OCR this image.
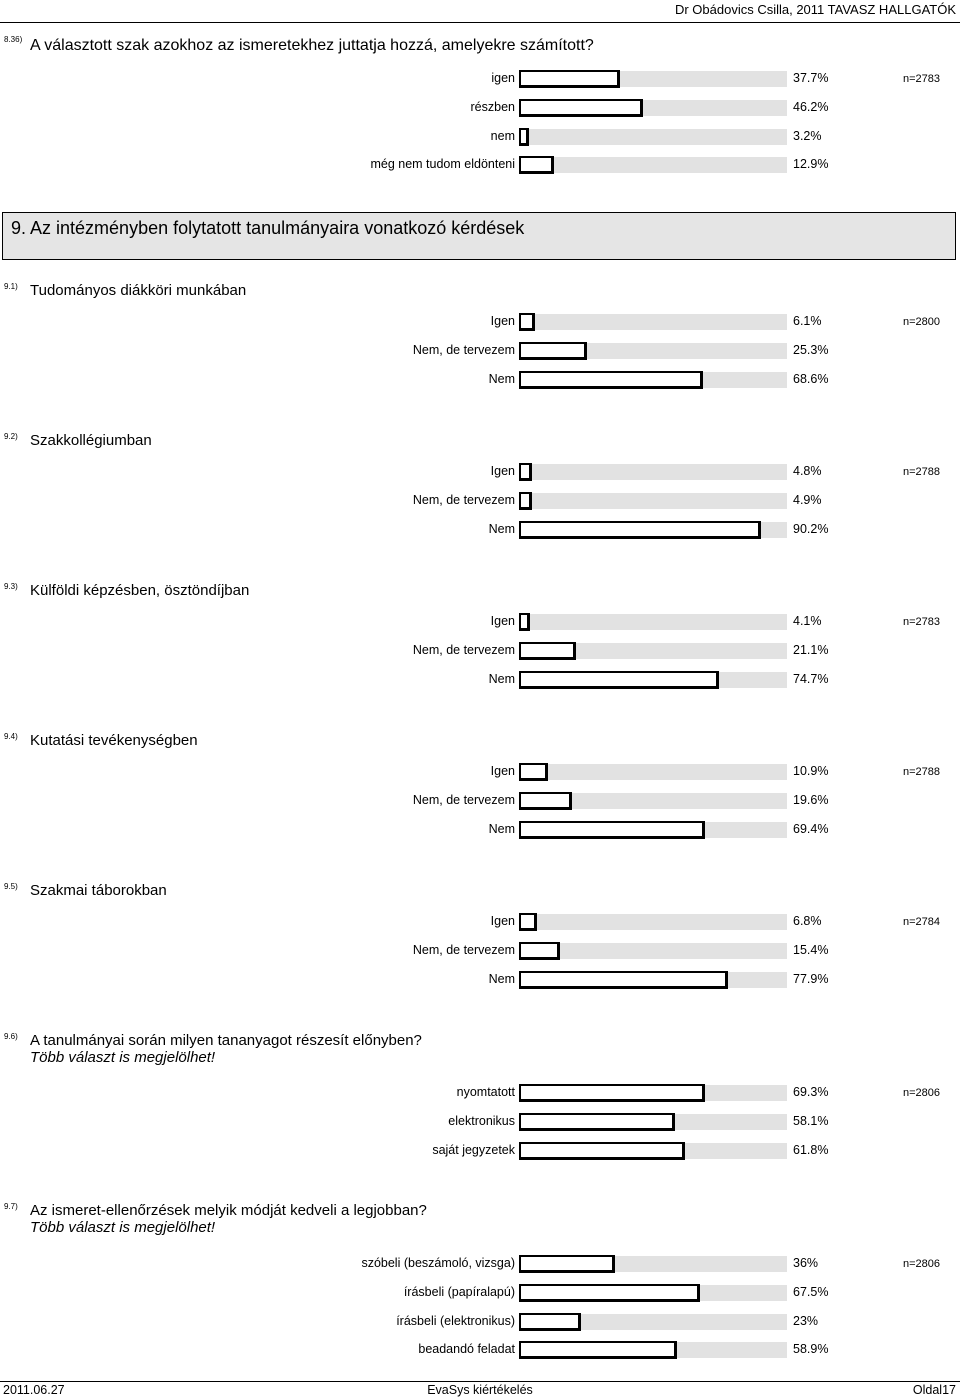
Dr Obádovics Csilla, 2011 TAVASZ HALLGATÓK
9. Az intézményben folytatott tanulmányaira vonatkozó kérdések
8.36) A választott szak azokhoz az ismeretekhez juttatja hozzá, amelyekre számított?
n=2783
igen	37.7%
részben	46.2%
nem	3.2%
még nem tudom eldönteni	12.9%
9.1) Tudományos diákköri munkában
n=2800
Igen	6.1%
Nem, de tervezem	25.3%
Nem	68.6%
9.2) Szakkollégiumban
n=2788
Igen	4.8%
Nem, de tervezem	4.9%
Nem	90.2%
9.3) Külföldi képzésben, ösztöndíjban
n=2783
Igen	4.1%
Nem, de tervezem	21.1%
Nem	74.7%
9.4) Kutatási tevékenységben
n=2788
Igen	10.9%
Nem, de tervezem	19.6%
Nem	69.4%
9.5) Szakmai táborokban
n=2784
Igen	6.8%
Nem, de tervezem	15.4%
Nem	77.9%
9.6) A tanulmányai során milyen tananyagot részesít előnyben?
Több választ is megjelölhet!
n=2806
nyomtatott	69.3%
elektronikus	58.1%
saját jegyzetek	61.8%
9.7) Az ismeret-ellenőrzések melyik módját kedveli a legjobban?
Több választ is megjelölhet!
n=2806
szóbeli (beszámoló, vizsga)	36%
írásbeli (papíralapú)	67.5%
írásbeli (elektronikus)	23%
beadandó feladat	58.9%
2011.06.27	EvaSys kiértékelés	Oldal17
